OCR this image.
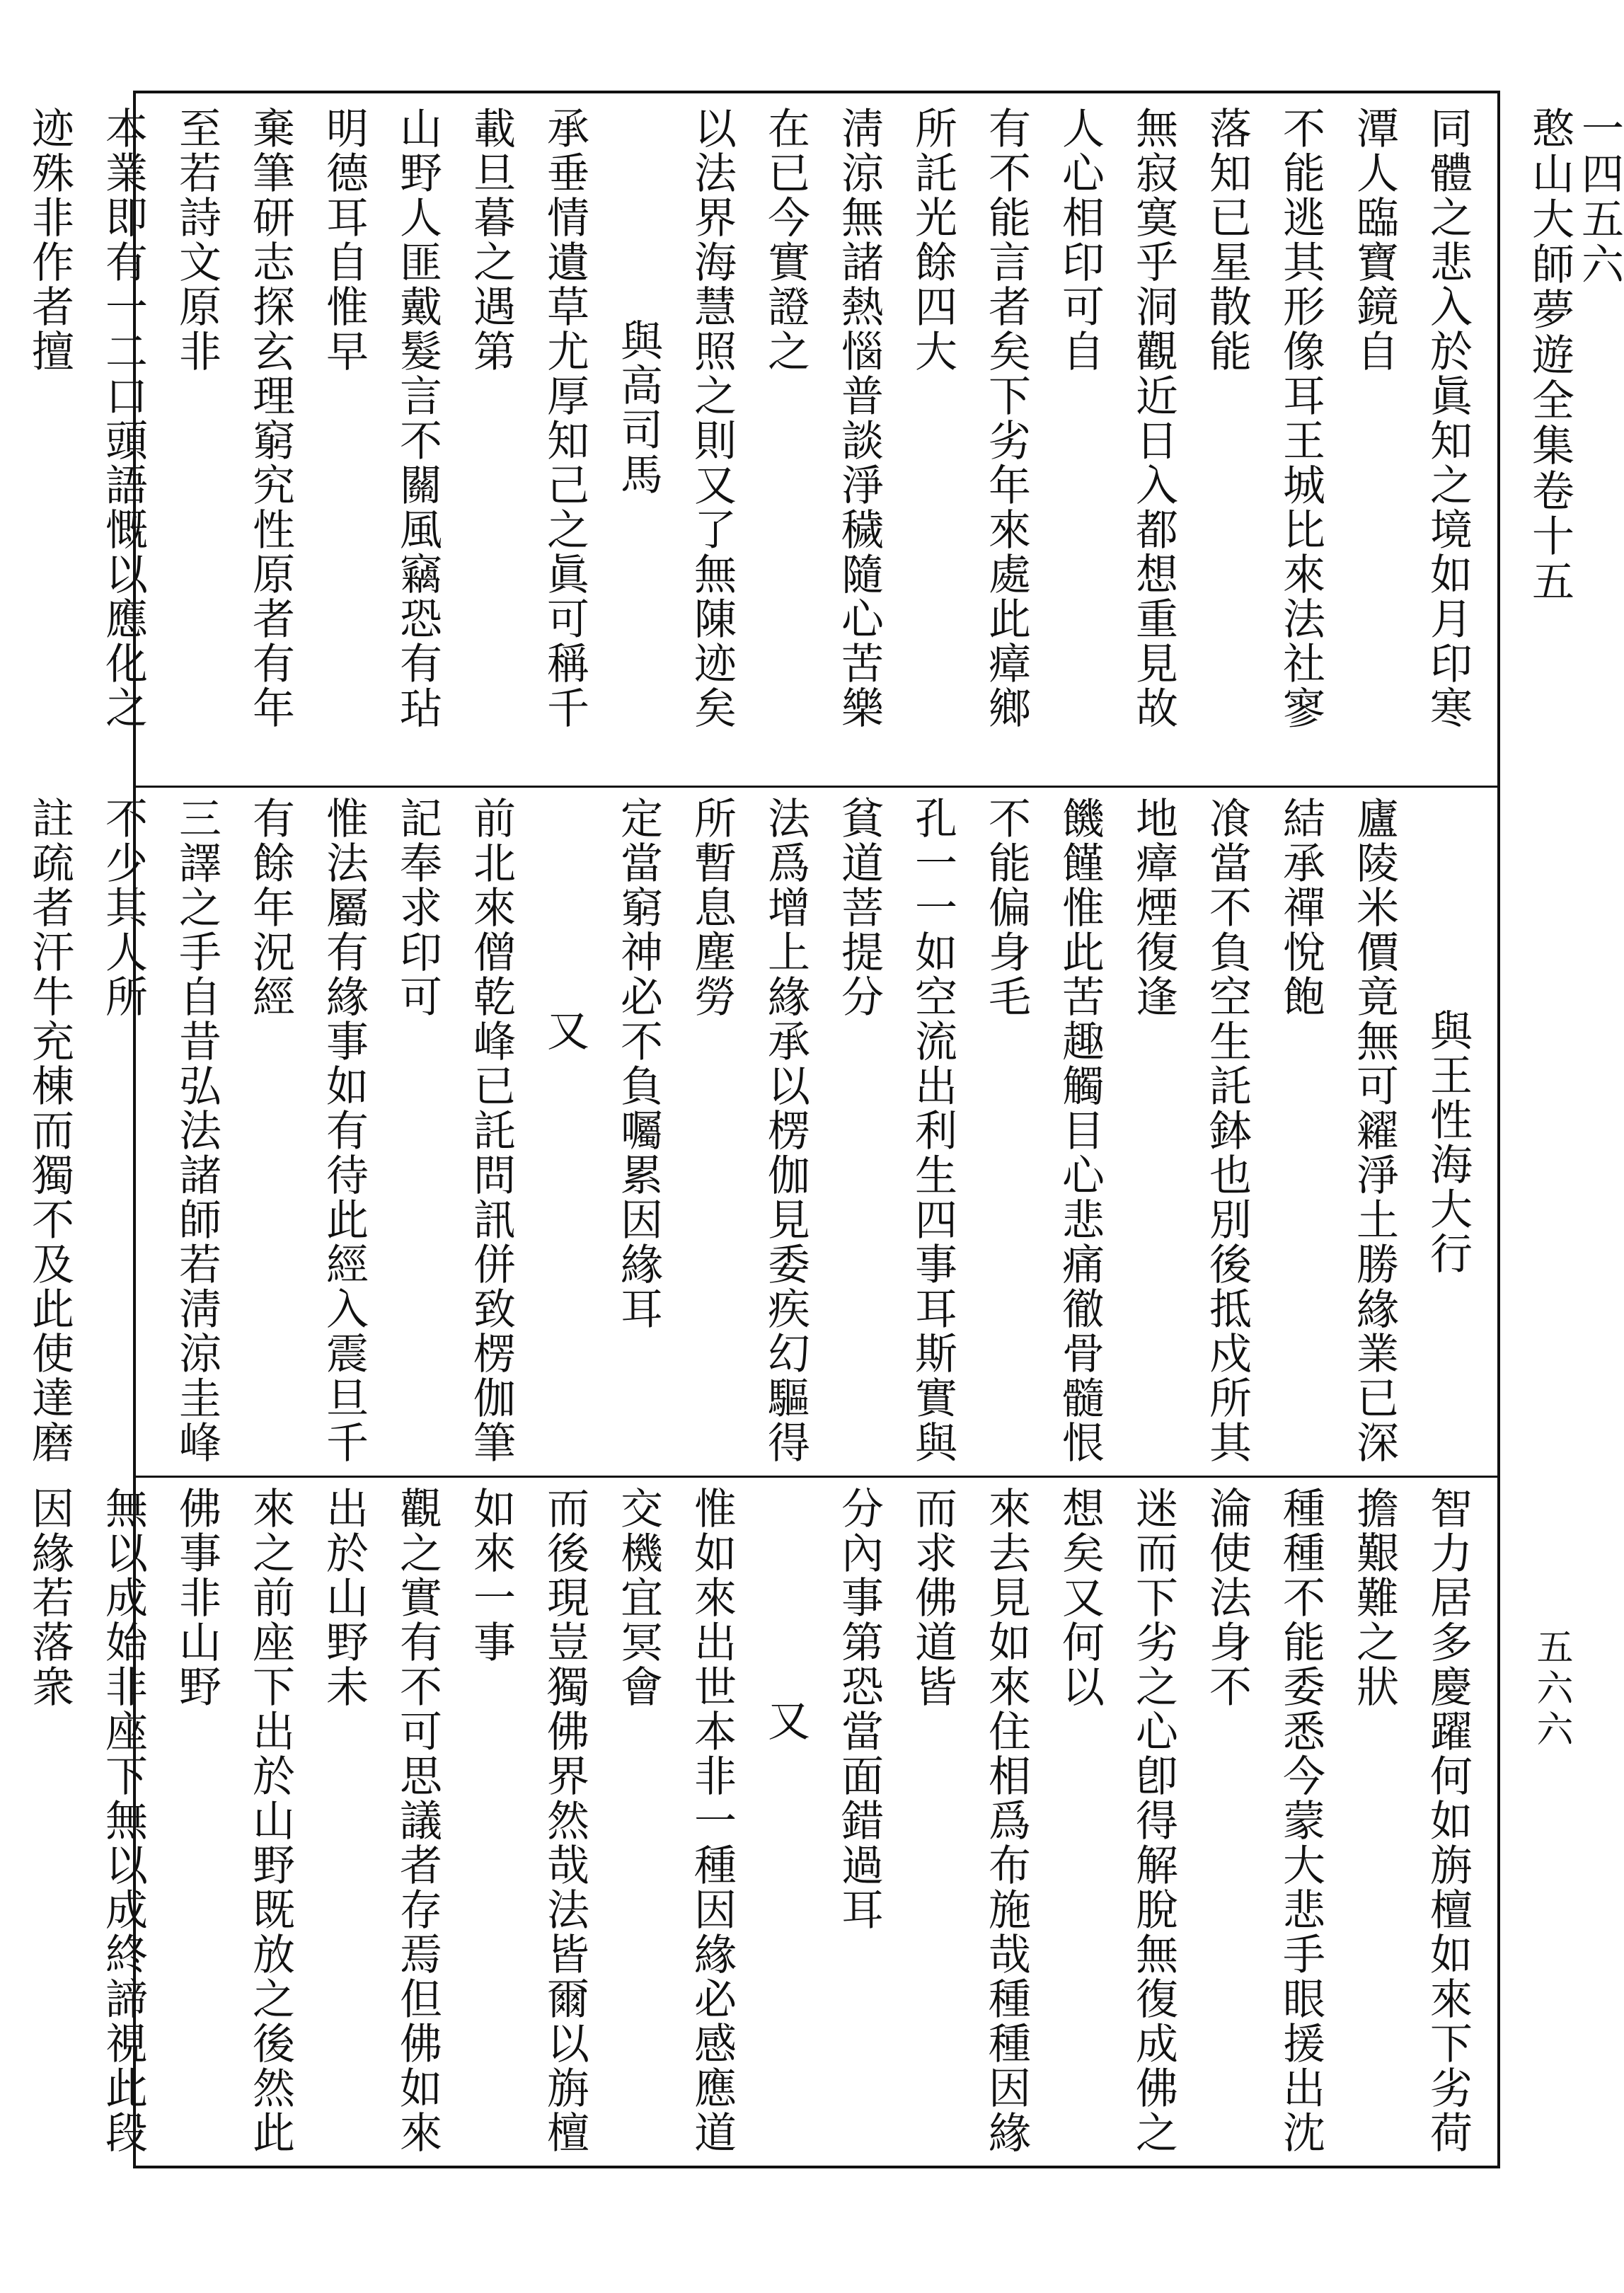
一四五六
憨山大師夢遊全集卷十五
五六六

同體之悲入於眞知之境如月印寒潭人臨寶鏡自

不能逃其形像耳王城比來法社寥落知已星散能

無寂寞乎洞觀近日入都想重見故人心相印可自

有不能言者矣下劣年來處此瘴鄉所託光餘四大

淸涼無諸熱惱普談淨穢隨心苦樂在已今實證之

以法界海慧照之則又了無陳迹矣

與高司馬

承垂情遺草尤厚知己之眞可稱千載旦暮之遇第

山野人匪戴髮言不關風竊恐有玷明德耳自惟早

棄筆研志探玄理窮究性原者有年至若詩文原非

本業即有一二口頭語慨以應化之迹殊非作者擅

與王性海大行

廬陵米價竟無可糴淨土勝緣業已深結承禪悅飽

飡當不負空生託鉢也別後抵戍所其地瘴煙復逢

饑饉惟此苦趣觸目心悲痛徹骨髓恨不能偏身毛

孔一一如空流出利生四事耳斯實與貧道菩提分

法爲增上緣承以楞伽見委疾幻驅得所暫息塵勞

定當窮神必不負囑累因緣耳

又

前北來僧乾峰已託問訊併致楞伽筆記奉求印可

惟法屬有緣事如有待此經入震旦千有餘年況經

三譯之手自昔弘法諸師若淸涼圭峰不少其人所

註疏者汗牛充棟而獨不及此使達磨

智力居多慶躍何如旃檀如來下劣荷擔艱難之狀

種種不能委悉今蒙大悲手眼援出沈淪使法身不

迷而下劣之心卽得解脫無復成佛之想矣又何以

來去見如來住相爲布施哉種種因緣而求佛道皆

分內事第恐當面錯過耳

又

惟如來出世本非一種因緣必感應道交機宜冥會

而後現豈獨佛界然哉法皆爾以旃檀如來一事

觀之實有不可思議者存焉但佛如來出於山野未

來之前座下出於山野既放之後然此佛事非山野

無以成始非座下無以成終諦視此段因緣若落衆
